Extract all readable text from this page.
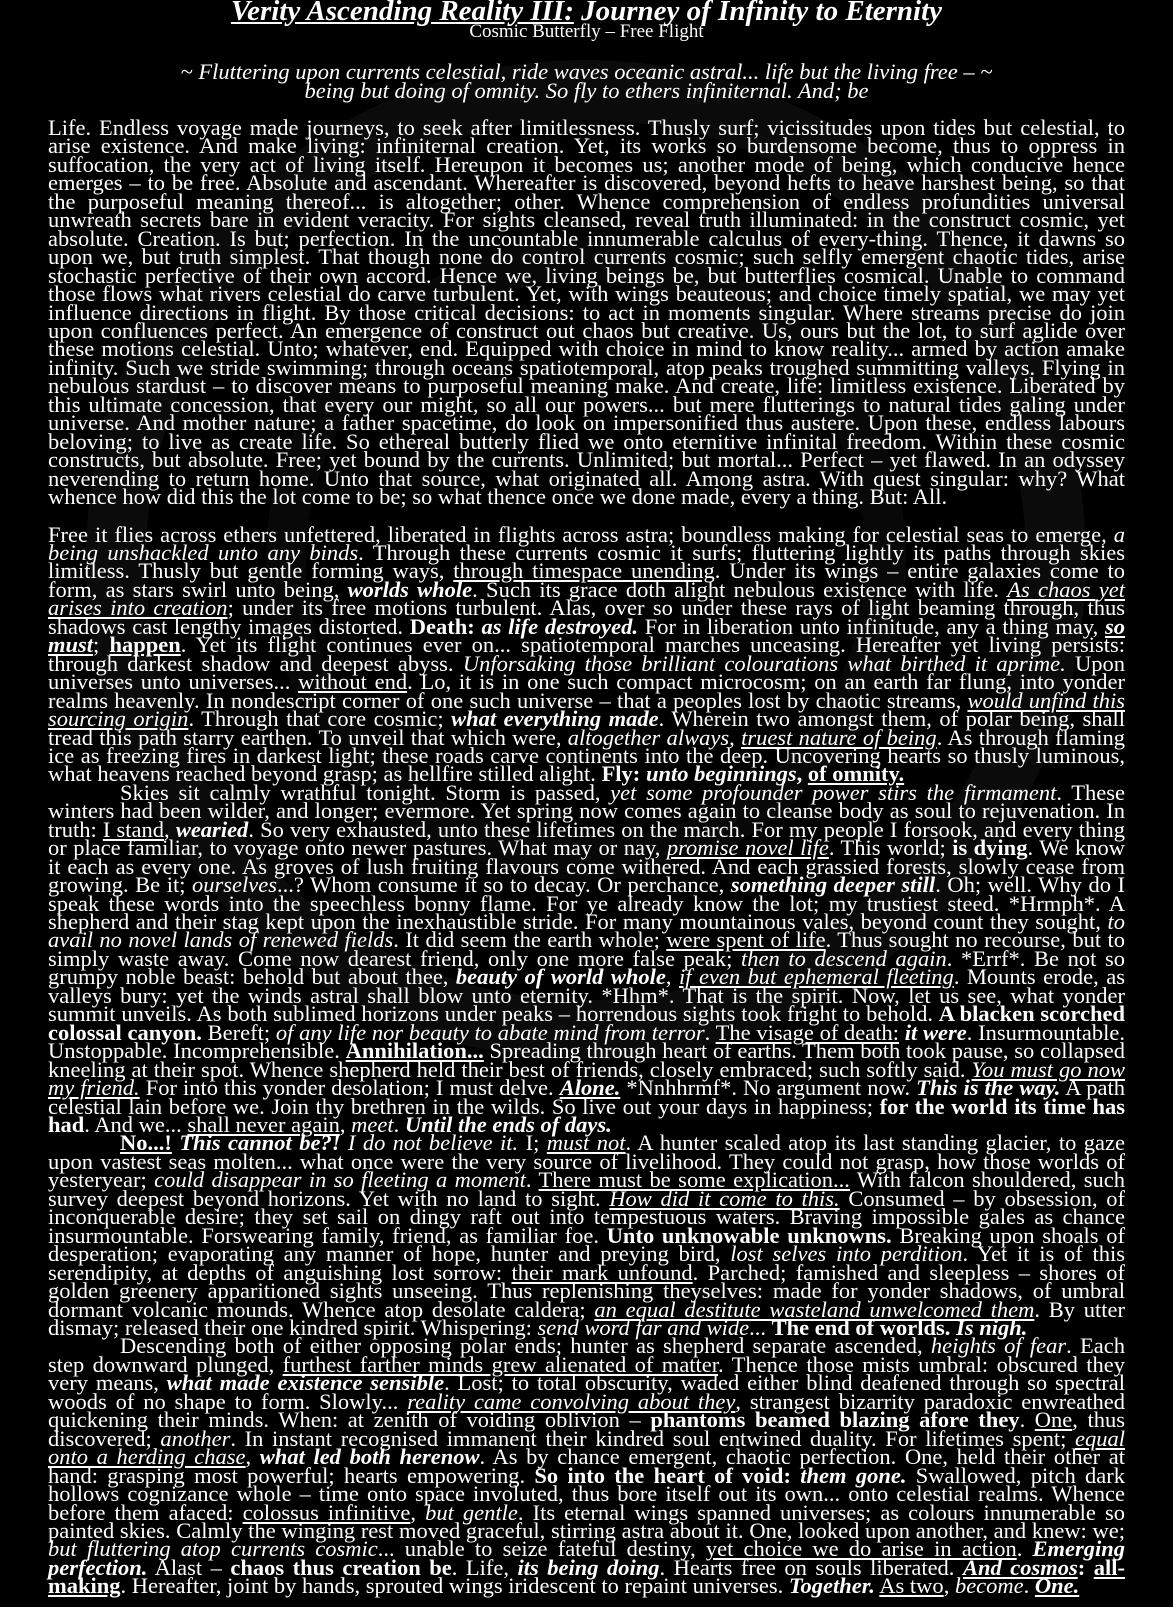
Verity Ascending Reality III: Journey of Infinity to Eternity
Cosmic Butterfly – Free Flight
~ Fluttering upon currents celestial, ride waves oceanic astral... life but the living free – ~
being but doing of omnity. So fly to ethers infiniternal. And; be

Life. Endless voyage made journeys, to seek after limitlessness. Thusly surf; vicissitudes upon tides but celestial, to arise existence. And make living: infiniternal creation. Yet, its works so burdensome become, thus to oppress in suffocation, the very act of living itself. Hereupon it becomes us; another mode of being, which conducive hence emerges – to be free. Absolute and ascendant. Whereafter is discovered, beyond hefts to heave harshest being, so that the purposeful meaning thereof... is altogether; other. Whence comprehension of endless profundities universal unwreath secrets bare in evident veracity. For sights cleansed, reveal truth illuminated: in the construct cosmic, yet absolute. Creation. Is but; perfection. In the uncountable innumerable calculus of every-thing. Thence, it dawns so upon we, but truth simplest. That though none do control currents cosmic; such selfly emergent chaotic tides, arise stochastic perfective of their own accord. Hence we, living beings be, but butterflies cosmical. Unable to command those flows what rivers celestial do carve turbulent. Yet, with wings beauteous; and choice timely spatial, we may yet influence directions in flight. By those critical decisions: to act in moments singular. Where streams precise do join upon confluences perfect. An emergence of construct out chaos but creative. Us, ours but the lot, to surf aglide over these motions celestial. Unto; whatever, end. Equipped with choice in mind to know reality... armed by action amake infinity. Such we stride swimming; through oceans spatiotemporal, atop peaks troughed summitting valleys. Flying in nebulous stardust – to discover means to purposeful meaning make. And create, life: limitless existence. Liberated by this ultimate concession, that every our might, so all our powers... but mere flutterings to natural tides galing under universe. And mother nature; a father spacetime, do look on impersonified thus austere. Upon these, endless labours beloving; to live as create life. So ethereal butterly flied we onto eternitive infinital freedom. Within these cosmic constructs, but absolute. Free; yet bound by the currents. Unlimited; but mortal... Perfect – yet flawed. In an odyssey neverending to return home. Unto that source, what originated all. Among astra. With quest singular: why? What whence how did this the lot come to be; so what thence once we done made, every a thing. But: All.

Free it flies across ethers unfettered, liberated in flights across astra; boundless making for celestial seas to emerge, a being unshackled unto any binds. Through these currents cosmic it surfs; fluttering lightly its paths through skies limitless. Thusly but gentle forming ways, through timespace unending. Under its wings – entire galaxies come to form, as stars swirl unto being, worlds whole. Such its grace doth alight nebulous existence with life. As chaos yet arises into creation; under its free motions turbulent. Alas, over so under these rays of light beaming through, thus shadows cast lengthy images distorted. Death: as life destroyed. For in liberation unto infinitude, any a thing may, so must; happen. Yet its flight continues ever on... spatiotemporal marches unceasing. Hereafter yet living persists: through darkest shadow and deepest abyss. Unforsaking those brilliant colourations what birthed it aprime. Upon universes unto universes... without end. Lo, it is in one such compact microcosm; on an earth far flung, into yonder realms heavenly. In nondescript corner of one such universe – that a peoples lost by chaotic streams, would unfind this sourcing origin. Through that core cosmic; what everything made. Wherein two amongst them, of polar being, shall tread this path starry earthen. To unveil that which were, altogether always, truest nature of being. As through flaming ice as freezing fires in darkest light; these roads carve continents into the deep. Uncovering hearts so thusly luminous, what heavens reached beyond grasp; as hellfire stilled alight. Fly: unto beginnings, of omnity.

Skies sit calmly wrathful tonight. Storm is passed, yet some profounder power stirs the firmament. These winters had been wilder, and longer; evermore. Yet spring now comes again to cleanse body as soul to rejuvenation. In truth: I stand, wearied. So very exhausted, unto these lifetimes on the march. For my people I forsook, and every thing or place familiar, to voyage onto newer pastures. What may or nay, promise novel life. This world; is dying. We know it each as every one. As groves of lush fruiting flavours come withered. And each grassied forests, slowly cease from growing. Be it; ourselves...? Whom consume it so to decay. Or perchance, something deeper still. Oh; well. Why do I speak these words into the speechless bonny flame. For ye already know the lot; my trustiest steed. *Hrmph*. A shepherd and their stag kept upon the inexhaustible stride. For many mountainous vales, beyond count they sought, to avail no novel lands of renewed fields. It did seem the earth whole; were spent of life. Thus sought no recourse, but to simply waste away. Come now dearest friend, only one more false peak; then to descend again. *Errf*. Be not so grumpy noble beast: behold but about thee, beauty of world whole, if even but ephemeral fleeting. Mounts erode, as valleys bury: yet the winds astral shall blow unto eternity. *Hhm*. That is the spirit. Now, let us see, what yonder summit unveils. As both sublimed horizons under peaks – horrendous sights took fright to behold. A blacken scorched colossal canyon. Bereft; of any life nor beauty to abate mind from terror. The visage of death: it were. Insurmountable. Unstoppable. Incomprehensible. Annihilation... Spreading through heart of earths. Them both took pause, so collapsed kneeling at their spot. Whence shepherd held their best of friends, closely embraced; such softly said. You must go now my friend. For into this yonder desolation; I must delve. Alone. *Nnhhrmf*. No argument now. This is the way. A path celestial lain before we. Join thy brethren in the wilds. So live out your days in happiness; for the world its time has had. And we... shall never again, meet. Until the ends of days.

No...! This cannot be?! I do not believe it. I; must not. A hunter scaled atop its last standing glacier, to gaze upon vastest seas molten... what once were the very source of livelihood. They could not grasp, how those worlds of yesteryear; could disappear in so fleeting a moment. There must be some explication... With falcon shouldered, such survey deepest beyond horizons. Yet with no land to sight. How did it come to this. Consumed – by obsession, of inconquerable desire; they set sail on dingy raft out into tempestuous waters. Braving impossible gales as chance insurmountable. Forswearing family, friend, as familiar foe. Unto unknowable unknowns. Breaking upon shoals of desperation; evaporating any manner of hope, hunter and preying bird, lost selves into perdition. Yet it is of this serendipity, at depths of anguishing lost sorrow: their mark unfound. Parched; famished and sleepless – shores of golden greenery apparitioned sights unseeing. Thus replenishing theyselves: made for yonder shadows, of umbral dormant volcanic mounds. Whence atop desolate caldera; an equal destitute wasteland unwelcomed them. By utter dismay; released their one kindred spirit. Whispering: send word far and wide... The end of worlds. Is nigh.

Descending both of either opposing polar ends; hunter as shepherd separate ascended, heights of fear. Each step downward plunged, furthest farther minds grew alienated of matter. Thence those mists umbral: obscured they very means, what made existence sensible. Lost; to total obscurity, waded either blind deafened through so spectral woods of no shape to form. Slowly... reality came convolving about they, strangest bizarrity paradoxic enwreathed quickening their minds. When: at zenith of voiding oblivion – phantoms beamed blazing afore they. One, thus discovered; another. In instant recognised immanent their kindred soul entwined duality. For lifetimes spent; equal onto a herding chase, what led both herenow. As by chance emergent, chaotic perfection. One, held their other at hand: grasping most powerful; hearts empowering. So into the heart of void: them gone. Swallowed, pitch dark hollows cognizance whole – time onto space involuted, thus bore itself out its own... onto celestial realms. Whence before them afaced: colossus infinitive, but gentle. Its eternal wings spanned universes; as colours innumerable so painted skies. Calmly the winging rest moved graceful, stirring astra about it. One, looked upon another, and knew: we; but fluttering atop currents cosmic... unable to seize fateful destiny, yet choice we do arise in action. Emerging perfection. Alast – chaos thus creation be. Life, its being doing. Hearts free on souls liberated. And cosmos: all-making. Hereafter, joint by hands, sprouted wings iridescent to repaint universes. Together. As two, become. One.
